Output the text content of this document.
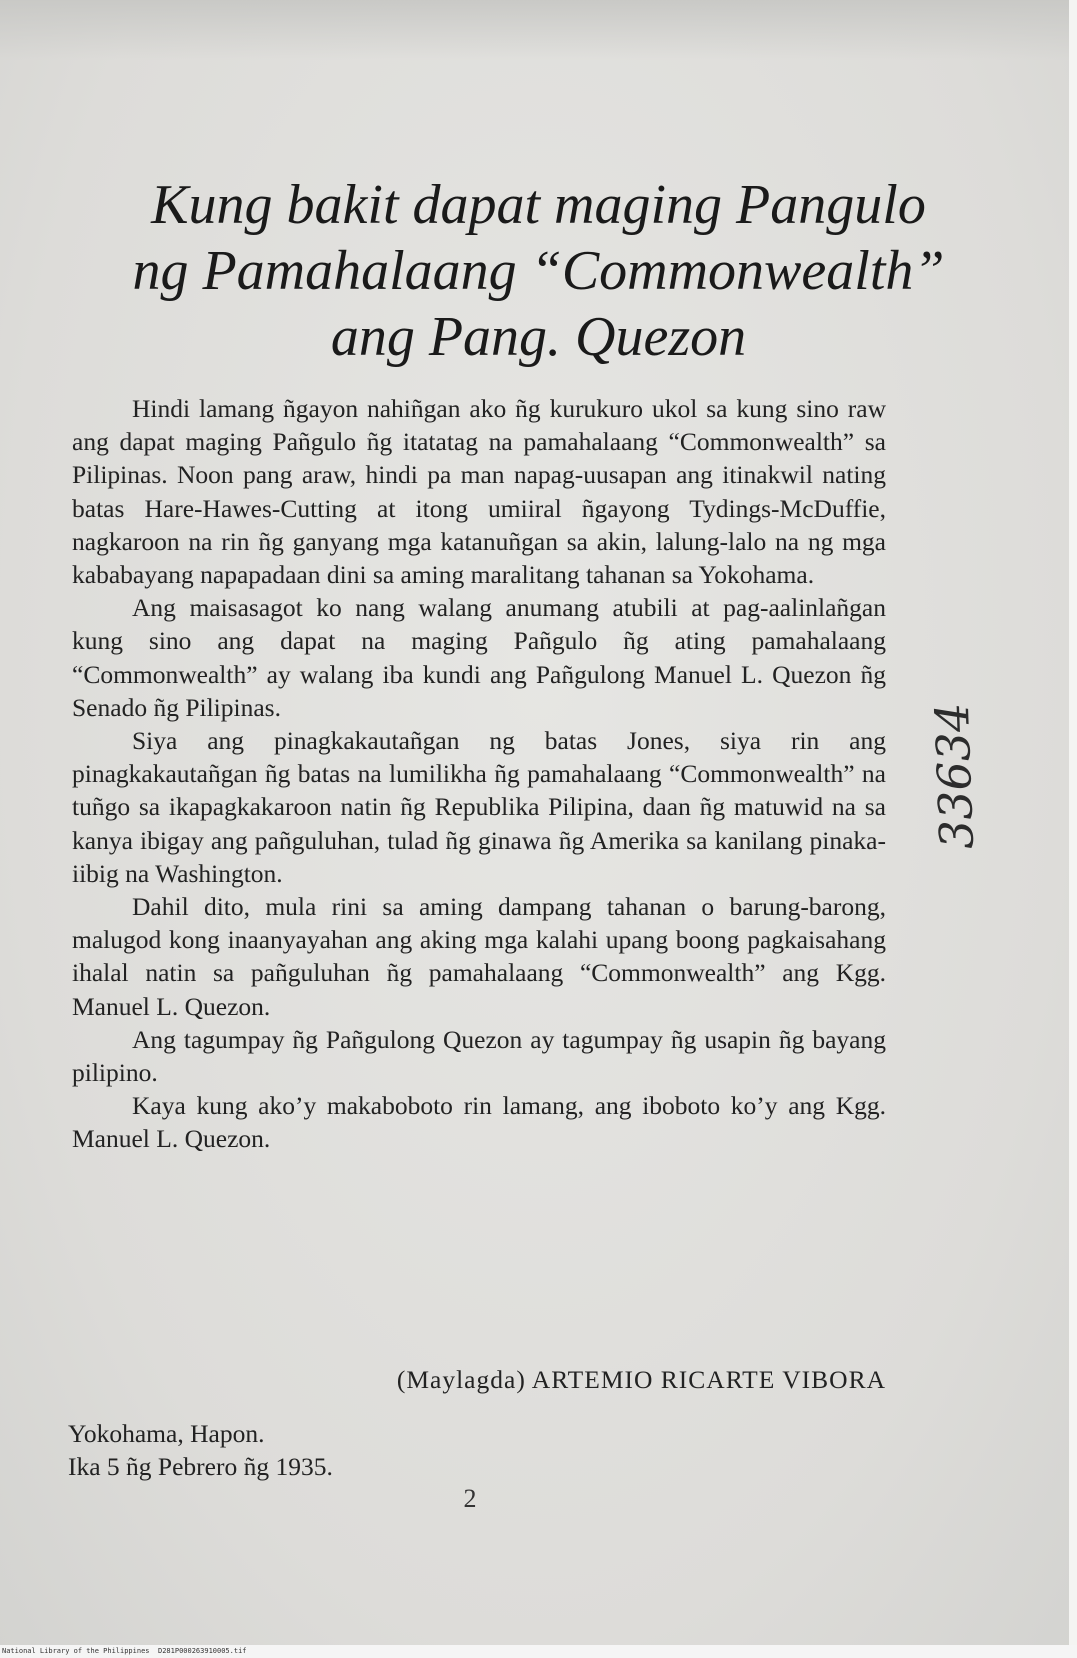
Kung bakit dapat maging Pangulo
ng Pamahalaang “Commonwealth”
ang Pang. Quezon

Hindi lamang ñgayon nahiñgan ako ñg kurukuro ukol sa kung sino raw ang dapat maging Pañgulo ñg itatatag na pamahalaang “Commonwealth” sa Pilipinas. Noon pang araw, hindi pa man napag-uusapan ang itinakwil nating batas Hare-Hawes-Cutting at itong umiiral ñgayong Tydings-McDuffie, nagkaroon na rin ñg ganyang mga katanuñgan sa akin, lalung-lalo na ng mga kababayang napapadaan dini sa aming maralitang tahanan sa Yokohama.

Ang maisasagot ko nang walang anumang atubili at pag-aalinlañgan kung sino ang dapat na maging Pañgulo ñg ating pamahalaang “Commonwealth” ay walang iba kundi ang Pañgulong Manuel L. Quezon ñg Senado ñg Pilipinas.

Siya ang pinagkakautañgan ng batas Jones, siya rin ang pinagkakautañgan ñg batas na lumilikha ñg pamahalaang “Commonwealth” na tuñgo sa ikapagkakaroon natin ñg Republika Pilipina, daan ñg matuwid na sa kanya ibigay ang pañguluhan, tulad ñg ginawa ñg Amerika sa kanilang pinaka-iibig na Washington.

Dahil dito, mula rini sa aming dampang tahanan o barung-barong, malugod kong inaanyayahan ang aking mga kalahi upang boong pagkaisahang ihalal natin sa pañguluhan ñg pamahalaang “Commonwealth” ang Kgg. Manuel L. Quezon.

Ang tagumpay ñg Pañgulong Quezon ay tagumpay ñg usapin ñg bayang pilipino.

Kaya kung ako’y makaboboto rin lamang, ang iboboto ko’y ang Kgg. Manuel L. Quezon.

(Maylagda) ARTEMIO RICARTE VIBORA
Yokohama, Hapon.
Ika 5 ñg Pebrero ñg 1935.
2
33634
National Library of the Philippines D281P000263910005.tif
